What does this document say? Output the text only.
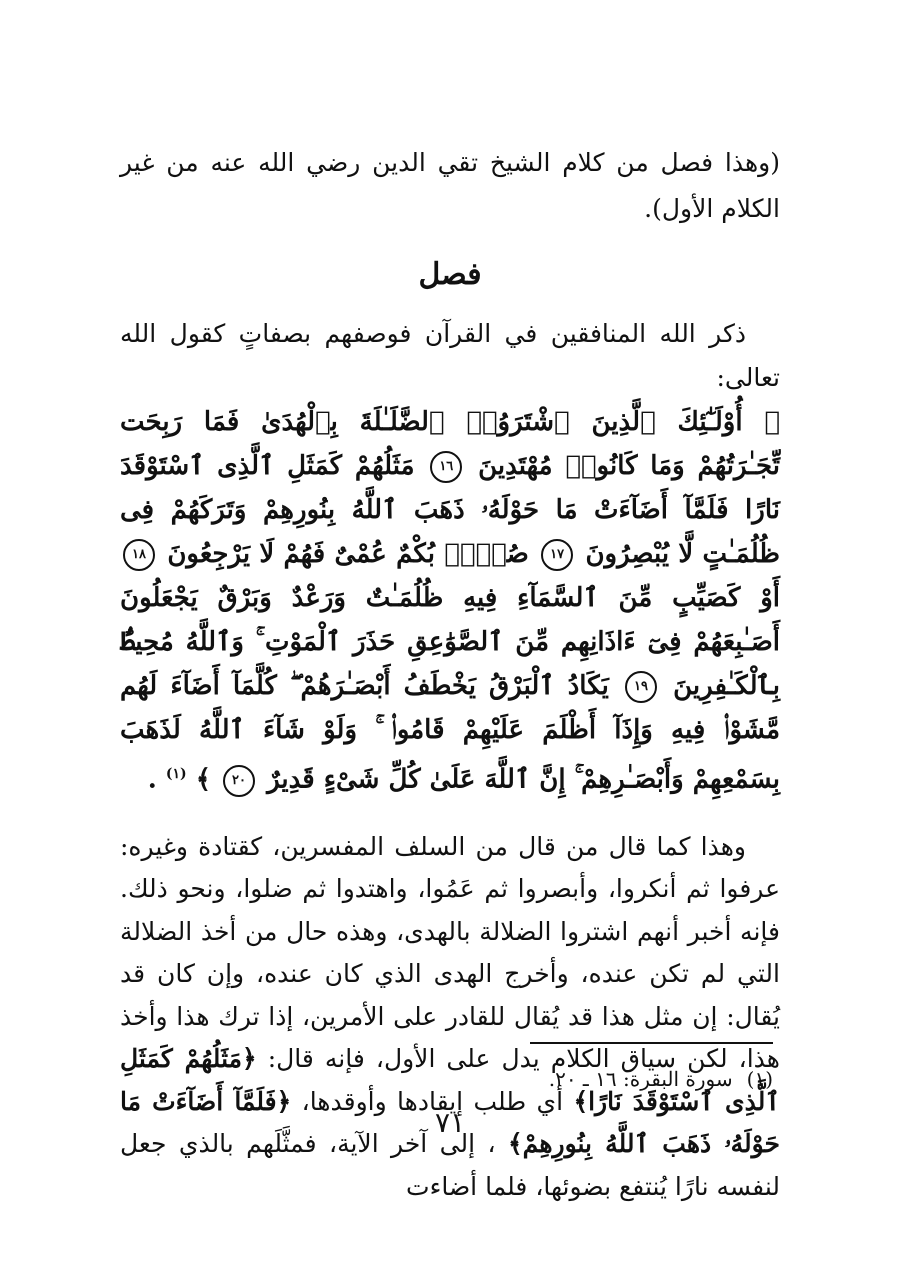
(وهذا فصل من كلام الشيخ تقي الدين رضي الله عنه من غير الكلام الأول).

فصل

ذكر الله المنافقين في القرآن فوصفهم بصفاتٍ كقول الله تعالى:

﴿ أُوْلَـٰٓئِكَ ٱلَّذِينَ ٱشْتَرَوُا۟ ٱلضَّلَـٰلَةَ بِٱلْهُدَىٰ فَمَا رَبِحَت تِّجَـٰرَتُهُمْ وَمَا كَانُوا۟ مُهْتَدِينَ ١٦ مَثَلُهُمْ كَمَثَلِ ٱلَّذِى ٱسْتَوْقَدَ نَارًا فَلَمَّآ أَضَآءَتْ مَا حَوْلَهُۥ ذَهَبَ ٱللَّهُ بِنُورِهِمْ وَتَرَكَهُمْ فِى ظُلُمَـٰتٍ لَّا يُبْصِرُونَ ١٧ صُمٌّۢ بُكْمٌ عُمْىٌ فَهُمْ لَا يَرْجِعُونَ ١٨ أَوْ كَصَيِّبٍ مِّنَ ٱلسَّمَآءِ فِيهِ ظُلُمَـٰتٌ وَرَعْدٌ وَبَرْقٌ يَجْعَلُونَ أَصَـٰبِعَهُمْ فِىٓ ءَاذَانِهِم مِّنَ ٱلصَّوَٰعِقِ حَذَرَ ٱلْمَوْتِ ۚ وَٱللَّهُ مُحِيطٌۢ بِٱلْكَـٰفِرِينَ ١٩ يَكَادُ ٱلْبَرْقُ يَخْطَفُ أَبْصَـٰرَهُمْ ۖ كُلَّمَآ أَضَآءَ لَهُم مَّشَوْا۟ فِيهِ وَإِذَآ أَظْلَمَ عَلَيْهِمْ قَامُوا۟ ۚ وَلَوْ شَآءَ ٱللَّهُ لَذَهَبَ بِسَمْعِهِمْ وَأَبْصَـٰرِهِمْ ۚ إِنَّ ٱللَّهَ عَلَىٰ كُلِّ شَىْءٍ قَدِيرٌ ٢٠ ﴾ $^{(١)}$ .

وهذا كما قال من قال من السلف المفسرين، كقتادة وغيره: عرفوا ثم أنكروا، وأبصروا ثم عَمُوا، واهتدوا ثم ضلوا، ونحو ذلك. فإنه أخبر أنهم اشتروا الضلالة بالهدى، وهذه حال من أخذ الضلالة التي لم تكن عنده، وأخرج الهدى الذي كان عنده، وإن كان قد يُقال: إن مثل هذا قد يُقال للقادر على الأمرين، إذا ترك هذا وأخذ هذا، لكن سياق الكلام يدل على الأول، فإنه قال: ﴿مَثَلُهُمْ كَمَثَلِ ٱلَّذِى ٱسْتَوْقَدَ نَارًا﴾ أي طلب إيقادها وأوقدها، ﴿فَلَمَّآ أَضَآءَتْ مَا حَوْلَهُۥ ذَهَبَ ٱللَّهُ بِنُورِهِمْ﴾ ، إلى آخر الآية، فمثَّلَهم بالذي جعل لنفسه نارًا يُنتفع بضوئها، فلما أضاءت

(١)سورة البقرة: ١٦ ـ ٢٠.
٧١
